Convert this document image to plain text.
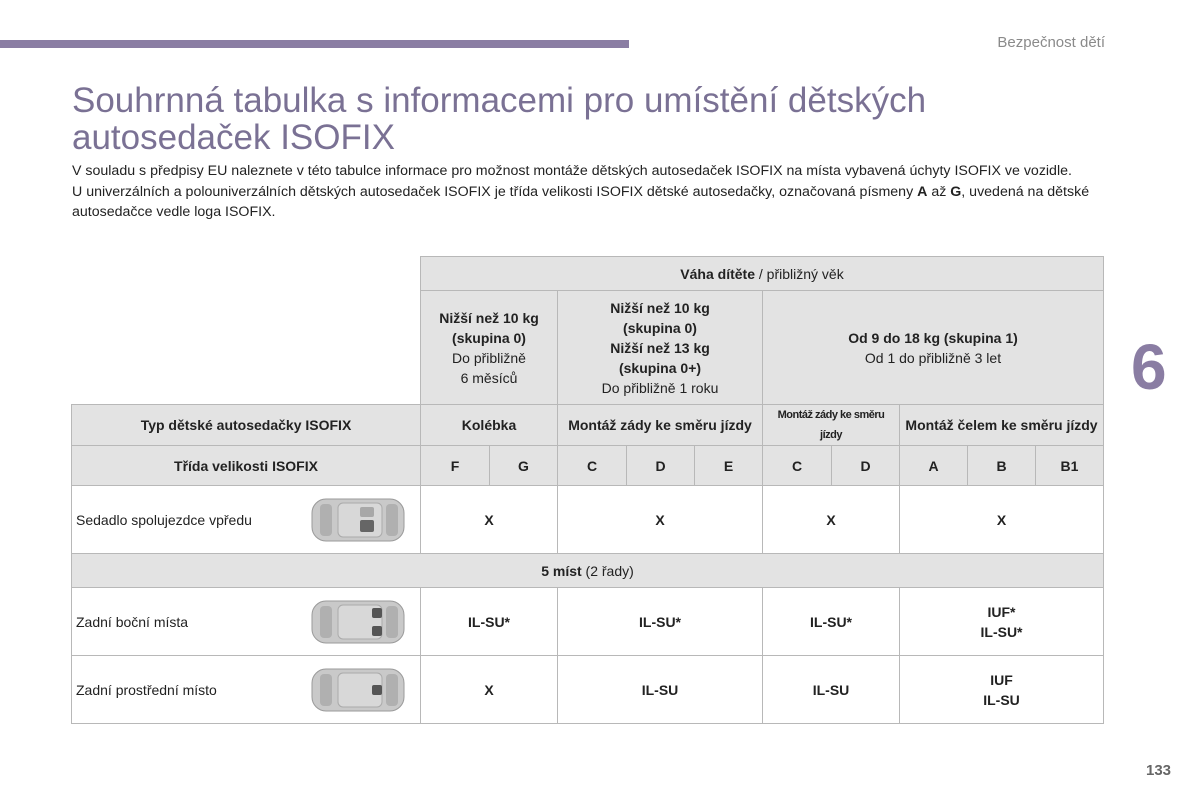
Bezpečnost dětí
Souhrnná tabulka s informacemi pro umístění dětských
autosedaček ISOFIX

V souladu s předpisy EU naleznete v této tabulce informace pro možnost montáže dětských autosedaček ISOFIX na místa vybavená úchyty ISOFIX ve vozidle.

U univerzálních a polouniverzálních dětských autosedaček ISOFIX je třída velikosti ISOFIX dětské autosedačky, označovaná písmeny A až G, uvedená na dětské autosedačce vedle loga ISOFIX.

6
133
	Váha dítěte / přibližný věk									
	Nižší než 10 kg
(skupina 0)
Do přibližně
6 měsíců		Nižší než 10 kg
(skupina 0)
Nižší než 13 kg
(skupina 0+)
Do přibližně 1 roku			Od 9 do 18 kg (skupina 1)
Od 1 do přibližně 3 let				
Typ dětské autosedačky ISOFIX	Kolébka		Montáž zády ke směru jízdy			Montáž zády ke směru jízdy		Montáž čelem ke směru jízdy		
Třída velikosti ISOFIX	F	G	C	D	E	C	D	A	B	B1

Sedadlo spolujezdce vpředu	X		X			X		X		
5 míst (2 řady)										

Zadní boční místa	IL-SU*		IL-SU*			IL-SU*		IUF*
IL-SU*		

Zadní prostřední místo	X		IL-SU			IL-SU		IUF
IL-SU		
